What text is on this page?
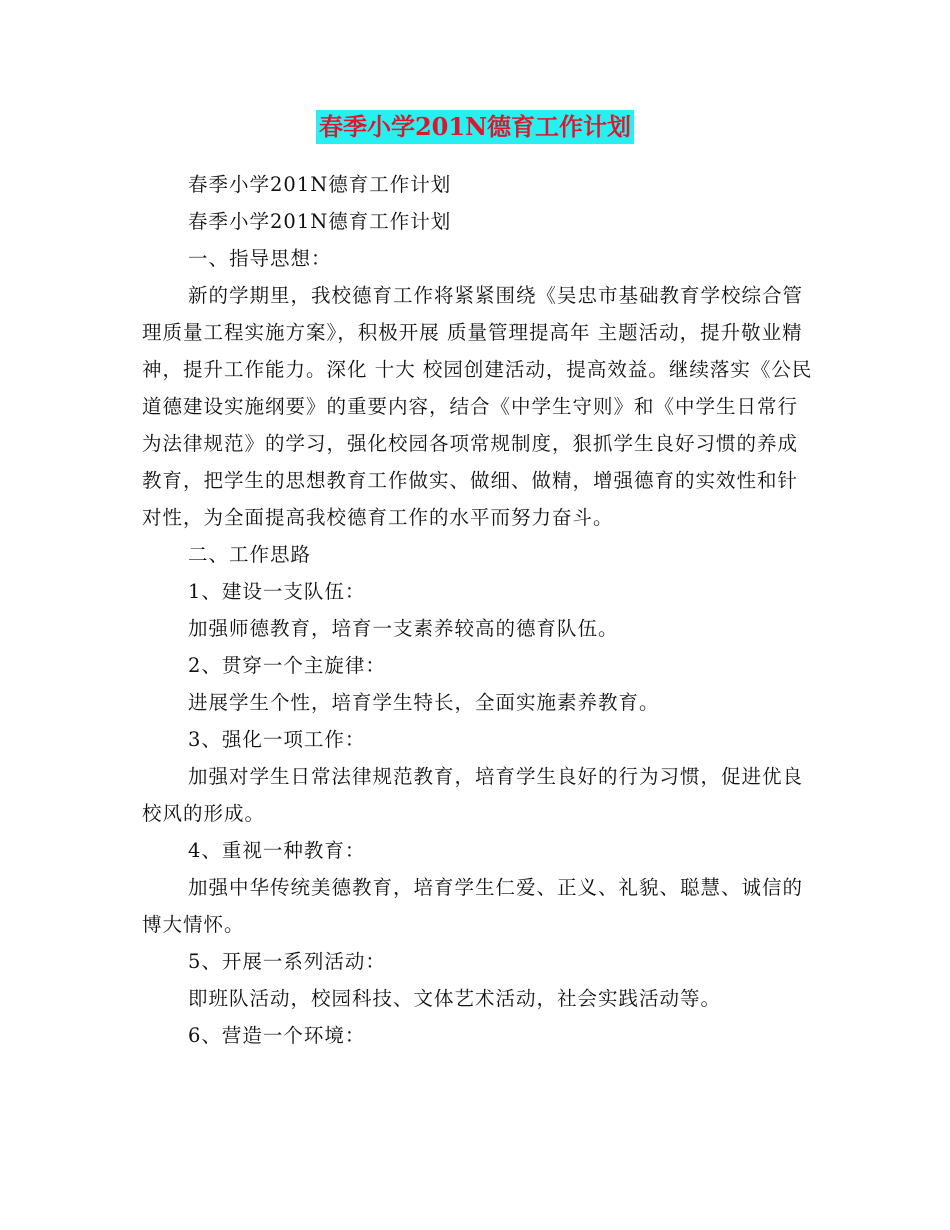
春季小学201N德育工作计划

春季小学201N德育工作计划

春季小学201N德育工作计划

一、指导思想：

新的学期里，我校德育工作将紧紧围绕《吴忠市基础教育学校综合管理质量工程实施方案》，积极开展 质量管理提高年 主题活动，提升敬业精神，提升工作能力。深化 十大 校园创建活动，提高效益。继续落实《公民道德建设实施纲要》的重要内容，结合《中学生守则》和《中学生日常行为法律规范》的学习，强化校园各项常规制度，狠抓学生良好习惯的养成教育，把学生的思想教育工作做实、做细、做精，增强德育的实效性和针对性，为全面提高我校德育工作的水平而努力奋斗。

二、工作思路

1、建设一支队伍：

加强师德教育，培育一支素养较高的德育队伍。

2、贯穿一个主旋律：

进展学生个性，培育学生特长，全面实施素养教育。

3、强化一项工作：

加强对学生日常法律规范教育，培育学生良好的行为习惯，促进优良校风的形成。

4、重视一种教育：

加强中华传统美德教育，培育学生仁爱、正义、礼貌、聪慧、诚信的博大情怀。

5、开展一系列活动：

即班队活动，校园科技、文体艺术活动，社会实践活动等。

6、营造一个环境：
